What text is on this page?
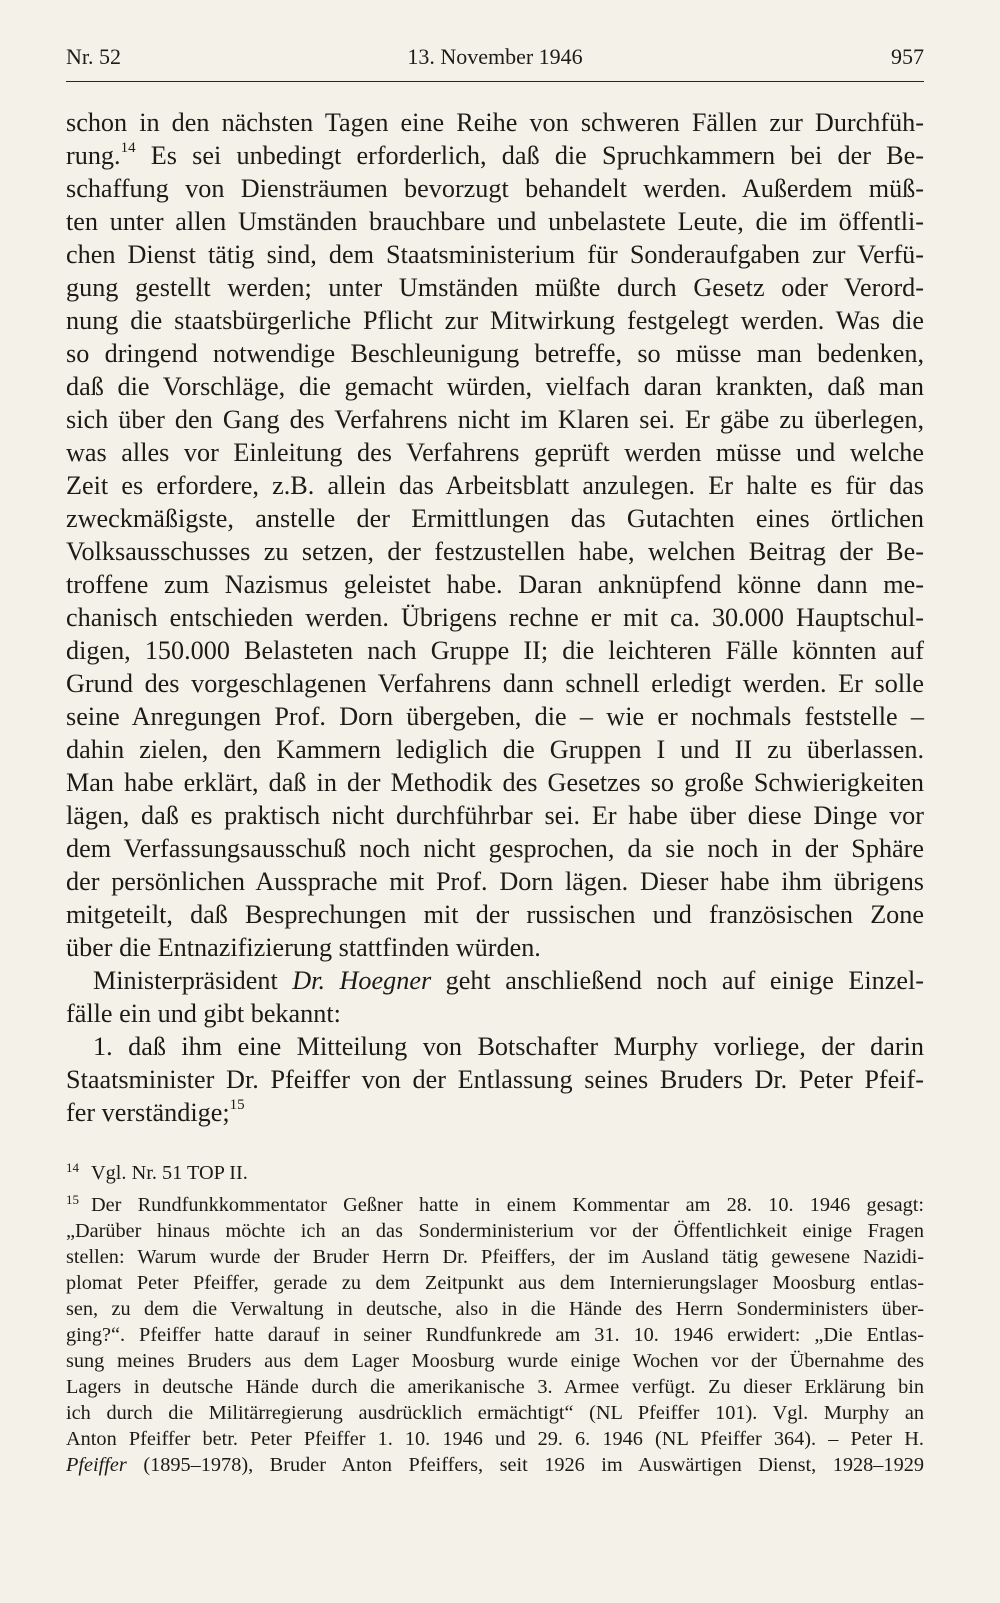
Nr. 52	13. November 1946	957
schon in den nächsten Tagen eine Reihe von schweren Fällen zur Durchfüh-
rung.$^{14}$ Es sei unbedingt erforderlich, daß die Spruchkammern bei der Be-
schaffung von Diensträumen bevorzugt behandelt werden. Außerdem müß-
ten unter allen Umständen brauchbare und unbelastete Leute, die im öffentli-
chen Dienst tätig sind, dem Staatsministerium für Sonderaufgaben zur Verfü-
gung gestellt werden; unter Umständen müßte durch Gesetz oder Verord-
nung die staatsbürgerliche Pflicht zur Mitwirkung festgelegt werden. Was die
so dringend notwendige Beschleunigung betreffe, so müsse man bedenken,
daß die Vorschläge, die gemacht würden, vielfach daran krankten, daß man
sich über den Gang des Verfahrens nicht im Klaren sei. Er gäbe zu überlegen,
was alles vor Einleitung des Verfahrens geprüft werden müsse und welche
Zeit es erfordere, z.B. allein das Arbeitsblatt anzulegen. Er halte es für das
zweckmäßigste, anstelle der Ermittlungen das Gutachten eines örtlichen
Volksausschusses zu setzen, der festzustellen habe, welchen Beitrag der Be-
troffene zum Nazismus geleistet habe. Daran anknüpfend könne dann me-
chanisch entschieden werden. Übrigens rechne er mit ca. 30.000 Hauptschul-
digen, 150.000 Belasteten nach Gruppe II; die leichteren Fälle könnten auf
Grund des vorgeschlagenen Verfahrens dann schnell erledigt werden. Er solle
seine Anregungen Prof. Dorn übergeben, die – wie er nochmals feststelle –
dahin zielen, den Kammern lediglich die Gruppen I und II zu überlassen.
Man habe erklärt, daß in der Methodik des Gesetzes so große Schwierigkeiten
lägen, daß es praktisch nicht durchführbar sei. Er habe über diese Dinge vor
dem Verfassungsausschuß noch nicht gesprochen, da sie noch in der Sphäre
der persönlichen Aussprache mit Prof. Dorn lägen. Dieser habe ihm übrigens
mitgeteilt, daß Besprechungen mit der russischen und französischen Zone
über die Entnazifizierung stattfinden würden.
Ministerpräsident Dr. Hoegner geht anschließend noch auf einige Einzel-
fälle ein und gibt bekannt:
1. daß ihm eine Mitteilung von Botschafter Murphy vorliege, der darin
Staatsminister Dr. Pfeiffer von der Entlassung seines Bruders Dr. Peter Pfeif-
fer verständige;$^{15}$
14 Vgl. Nr. 51 TOP II.
15 Der Rundfunkkommentator Geßner hatte in einem Kommentar am 28. 10. 1946 gesagt:
„Darüber hinaus möchte ich an das Sonderministerium vor der Öffentlichkeit einige Fragen
stellen: Warum wurde der Bruder Herrn Dr. Pfeiffers, der im Ausland tätig gewesene Nazidi-
plomat Peter Pfeiffer, gerade zu dem Zeitpunkt aus dem Internierungslager Moosburg entlas-
sen, zu dem die Verwaltung in deutsche, also in die Hände des Herrn Sonderministers über-
ging?“. Pfeiffer hatte darauf in seiner Rundfunkrede am 31. 10. 1946 erwidert: „Die Entlas-
sung meines Bruders aus dem Lager Moosburg wurde einige Wochen vor der Übernahme des
Lagers in deutsche Hände durch die amerikanische 3. Armee verfügt. Zu dieser Erklärung bin
ich durch die Militärregierung ausdrücklich ermächtigt“ (NL Pfeiffer 101). Vgl. Murphy an
Anton Pfeiffer betr. Peter Pfeiffer 1. 10. 1946 und 29. 6. 1946 (NL Pfeiffer 364). – Peter H.
Pfeiffer (1895–1978), Bruder Anton Pfeiffers, seit 1926 im Auswärtigen Dienst, 1928–1929
